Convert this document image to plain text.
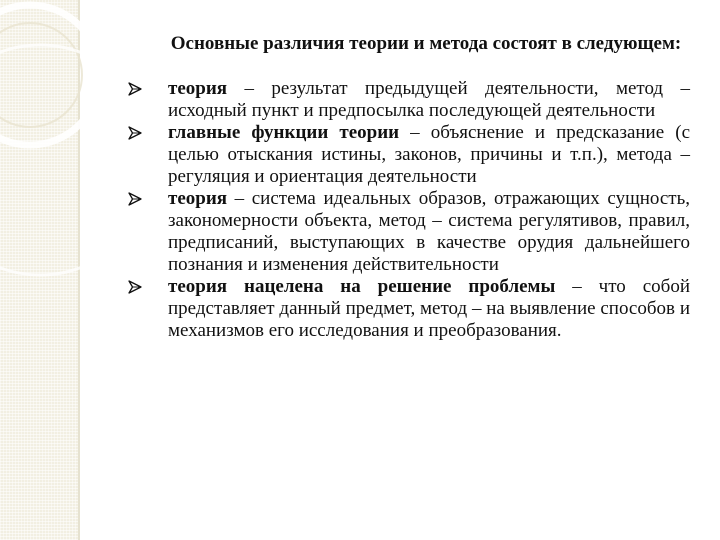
Основные различия теории и метода состоят в следующем:
теория – результат предыдущей деятельности, метод – исходный пункт и предпосылка последующей деятельности
главные функции теории – объяснение и предсказание (с целью отыскания истины, законов, причины и т.п.), метода – регуляция и ориентация деятельности
теория – система идеальных образов, отражающих сущность, закономерности объекта, метод – система регулятивов, правил, предписаний, выступающих в качестве орудия дальнейшего познания и изменения действительности
теория нацелена на решение проблемы – что собой представляет данный предмет, метод – на выявление способов и механизмов его исследования и преобразования.
